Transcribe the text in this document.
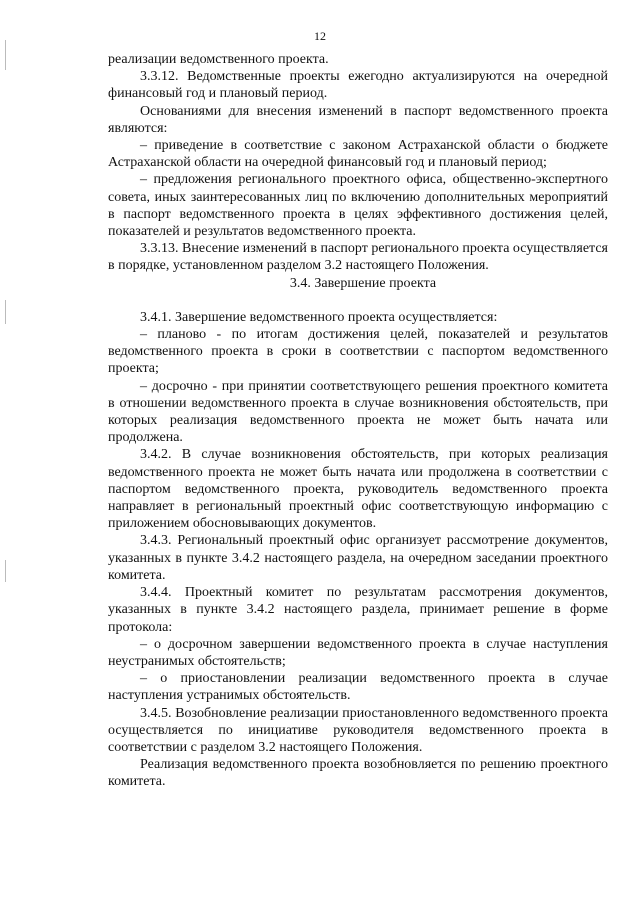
12

реализации ведомственного проекта.

3.3.12. Ведомственные проекты ежегодно актуализируются на очередной финансовый год и плановый период.

Основаниями для внесения изменений в паспорт ведомственного проекта являются:

– приведение в соответствие с законом Астраханской области о бюджете Астраханской области на очередной финансовый год и плановый период;

– предложения регионального проектного офиса, общественно-экспертного совета, иных заинтересованных лиц по включению дополнительных мероприятий в паспорт ведомственного проекта в целях эффективного достижения целей, показателей и результатов ведомственного проекта.

3.3.13. Внесение изменений в паспорт регионального проекта осуществляется в порядке, установленном разделом 3.2 настоящего Положения.

3.4. Завершение проекта

3.4.1. Завершение ведомственного проекта осуществляется:

– планово - по итогам достижения целей, показателей и результатов ведомственного проекта в сроки в соответствии с паспортом ведомственного проекта;

– досрочно - при принятии соответствующего решения проектного комитета в отношении ведомственного проекта в случае возникновения обстоятельств, при которых реализация ведомственного проекта не может быть начата или продолжена.

3.4.2. В случае возникновения обстоятельств, при которых реализация ведомственного проекта не может быть начата или продолжена в соответствии с паспортом ведомственного проекта, руководитель ведомственного проекта направляет в региональный проектный офис соответствующую информацию с приложением обосновывающих документов.

3.4.3. Региональный проектный офис организует рассмотрение документов, указанных в пункте 3.4.2 настоящего раздела, на очередном заседании проектного комитета.

3.4.4. Проектный комитет по результатам рассмотрения документов, указанных в пункте 3.4.2 настоящего раздела, принимает решение в форме протокола:

– о досрочном завершении ведомственного проекта в случае наступления неустранимых обстоятельств;

– о приостановлении реализации ведомственного проекта в случае наступления устранимых обстоятельств.

3.4.5. Возобновление реализации приостановленного ведомственного проекта осуществляется по инициативе руководителя ведомственного проекта в соответствии с разделом 3.2 настоящего Положения.

Реализация ведомственного проекта возобновляется по решению проектного комитета.
